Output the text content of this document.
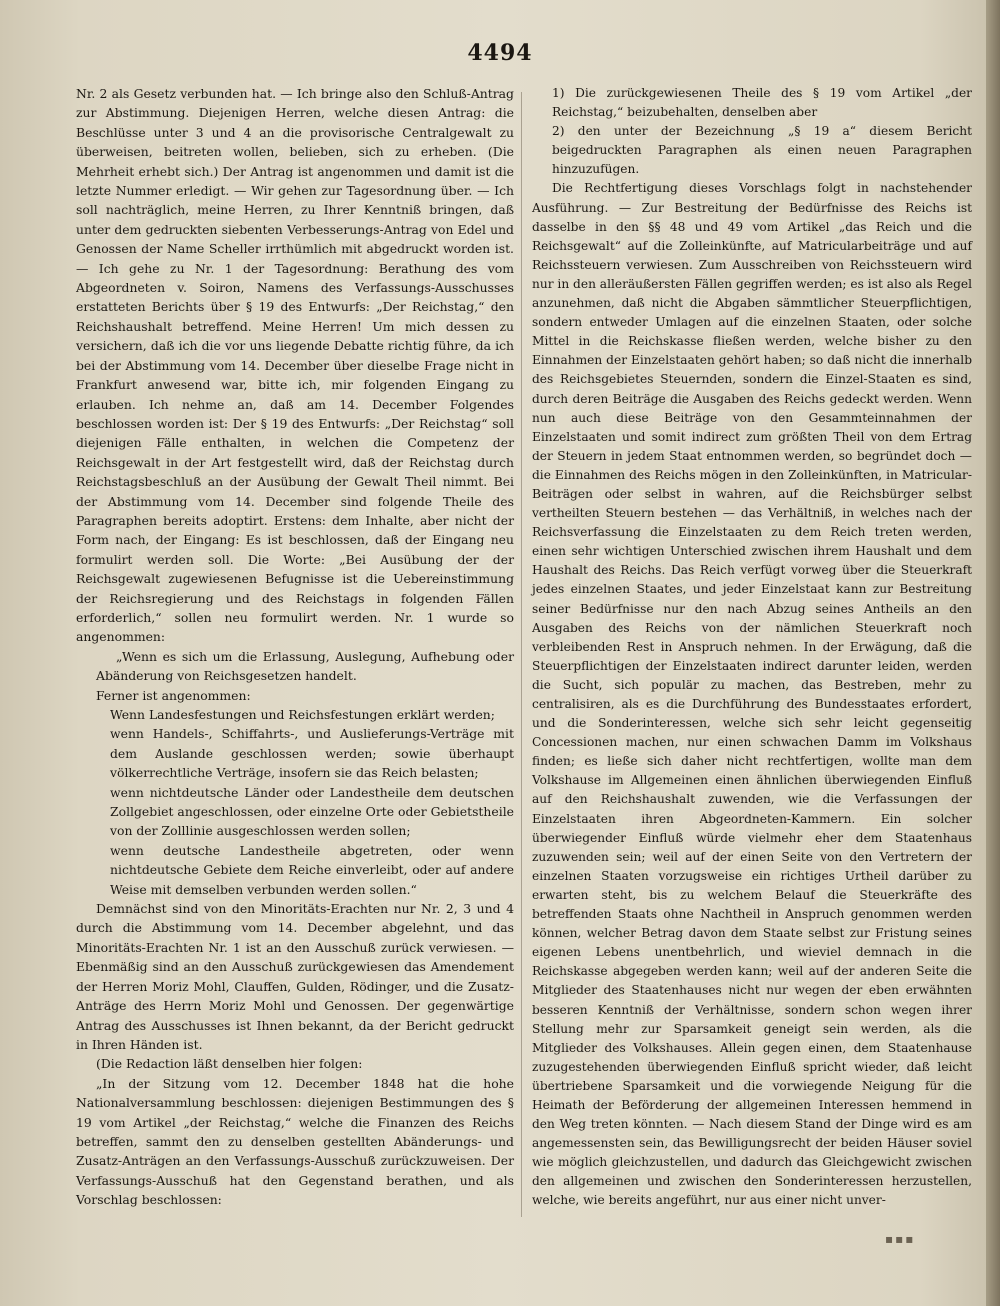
4494

Nr. 2 als Gesetz verbunden hat. — Ich bringe also den Schluß-Antrag zur Abstimmung. Diejenigen Herren, welche diesen Antrag: die Beschlüsse unter 3 und 4 an die provisorische Centralgewalt zu überweisen, beitreten wollen, belieben, sich zu erheben. (Die Mehrheit erhebt sich.) Der Antrag ist angenommen und damit ist die letzte Nummer erledigt. — Wir gehen zur Tagesordnung über. — Ich soll nachträglich, meine Herren, zu Ihrer Kenntniß bringen, daß unter dem gedruckten siebenten Verbesserungs-Antrag von Edel und Genossen der Name Scheller irrthümlich mit abgedruckt worden ist. — Ich gehe zu Nr. 1 der Tagesordnung: Berathung des vom Abgeordneten v. Soiron, Namens des Verfassungs-Ausschusses erstatteten Berichts über § 19 des Entwurfs: „Der Reichstag,“ den Reichshaushalt betreffend. Meine Herren! Um mich dessen zu versichern, daß ich die vor uns liegende Debatte richtig führe, da ich bei der Abstimmung vom 14. December über dieselbe Frage nicht in Frankfurt anwesend war, bitte ich, mir folgenden Eingang zu erlauben. Ich nehme an, daß am 14. December Folgendes beschlossen worden ist: Der § 19 des Entwurfs: „Der Reichstag“ soll diejenigen Fälle enthalten, in welchen die Competenz der Reichsgewalt in der Art festgestellt wird, daß der Reichstag durch Reichstagsbeschluß an der Ausübung der Gewalt Theil nimmt. Bei der Abstimmung vom 14. December sind folgende Theile des Paragraphen bereits adoptirt. Erstens: dem Inhalte, aber nicht der Form nach, der Eingang: Es ist beschlossen, daß der Eingang neu formulirt werden soll. Die Worte: „Bei Ausübung der der Reichsgewalt zugewiesenen Befugnisse ist die Uebereinstimmung der Reichsregierung und des Reichstags in folgenden Fällen erforderlich,“ sollen neu formulirt werden. Nr. 1 wurde so angenommen:

„Wenn es sich um die Erlassung, Auslegung, Aufhebung oder Abänderung von Reichsgesetzen handelt.

Ferner ist angenommen:

Wenn Landesfestungen und Reichsfestungen erklärt werden;

wenn Handels-, Schiffahrts-, und Auslieferungs-Verträge mit dem Auslande geschlossen werden; sowie überhaupt völkerrechtliche Verträge, insofern sie das Reich belasten;

wenn nichtdeutsche Länder oder Landestheile dem deutschen Zollgebiet angeschlossen, oder einzelne Orte oder Gebietstheile von der Zolllinie ausgeschlossen werden sollen;

wenn deutsche Landestheile abgetreten, oder wenn nichtdeutsche Gebiete dem Reiche einverleibt, oder auf andere Weise mit demselben verbunden werden sollen.“

Demnächst sind von den Minoritäts-Erachten nur Nr. 2, 3 und 4 durch die Abstimmung vom 14. December abgelehnt, und das Minoritäts-Erachten Nr. 1 ist an den Ausschuß zurück verwiesen. — Ebenmäßig sind an den Ausschuß zurückgewiesen das Amendement der Herren Moriz Mohl, Clauffen, Gulden, Rödinger, und die Zusatz-Anträge des Herrn Moriz Mohl und Genossen. Der gegenwärtige Antrag des Ausschusses ist Ihnen bekannt, da der Bericht gedruckt in Ihren Händen ist.

(Die Redaction läßt denselben hier folgen:

„In der Sitzung vom 12. December 1848 hat die hohe Nationalversammlung beschlossen: diejenigen Bestimmungen des § 19 vom Artikel „der Reichstag,“ welche die Finanzen des Reichs betreffen, sammt den zu denselben gestellten Abänderungs- und Zusatz-Anträgen an den Verfassungs-Ausschuß zurückzuweisen. Der Verfassungs-Ausschuß hat den Gegenstand berathen, und als Vorschlag beschlossen:

1) Die zurückgewiesenen Theile des § 19 vom Artikel „der Reichstag,“ beizubehalten, denselben aber

2) den unter der Bezeichnung „§ 19 a“ diesem Bericht beigedruckten Paragraphen als einen neuen Paragraphen hinzuzufügen.

Die Rechtfertigung dieses Vorschlags folgt in nachstehender Ausführung. — Zur Bestreitung der Bedürfnisse des Reichs ist dasselbe in den §§ 48 und 49 vom Artikel „das Reich und die Reichsgewalt“ auf die Zolleinkünfte, auf Matricularbeiträge und auf Reichssteuern verwiesen. Zum Ausschreiben von Reichssteuern wird nur in den alleräußersten Fällen gegriffen werden; es ist also als Regel anzunehmen, daß nicht die Abgaben sämmtlicher Steuerpflichtigen, sondern entweder Umlagen auf die einzelnen Staaten, oder solche Mittel in die Reichskasse fließen werden, welche bisher zu den Einnahmen der Einzelstaaten gehört haben; so daß nicht die innerhalb des Reichsgebietes Steuernden, sondern die Einzel-Staaten es sind, durch deren Beiträge die Ausgaben des Reichs gedeckt werden. Wenn nun auch diese Beiträge von den Gesammteinnahmen der Einzelstaaten und somit indirect zum größten Theil von dem Ertrag der Steuern in jedem Staat entnommen werden, so begründet doch — die Einnahmen des Reichs mögen in den Zolleinkünften, in Matricular-Beiträgen oder selbst in wahren, auf die Reichsbürger selbst vertheilten Steuern bestehen — das Verhältniß, in welches nach der Reichsverfassung die Einzelstaaten zu dem Reich treten werden, einen sehr wichtigen Unterschied zwischen ihrem Haushalt und dem Haushalt des Reichs. Das Reich verfügt vorweg über die Steuerkraft jedes einzelnen Staates, und jeder Einzelstaat kann zur Bestreitung seiner Bedürfnisse nur den nach Abzug seines Antheils an den Ausgaben des Reichs von der nämlichen Steuerkraft noch verbleibenden Rest in Anspruch nehmen. In der Erwägung, daß die Steuerpflichtigen der Einzelstaaten indirect darunter leiden, werden die Sucht, sich populär zu machen, das Bestreben, mehr zu centralisiren, als es die Durchführung des Bundesstaates erfordert, und die Sonderinteressen, welche sich sehr leicht gegenseitig Concessionen machen, nur einen schwachen Damm im Volkshaus finden; es ließe sich daher nicht rechtfertigen, wollte man dem Volkshause im Allgemeinen einen ähnlichen überwiegenden Einfluß auf den Reichshaushalt zuwenden, wie die Verfassungen der Einzelstaaten ihren Abgeordneten-Kammern. Ein solcher überwiegender Einfluß würde vielmehr eher dem Staatenhaus zuzuwenden sein; weil auf der einen Seite von den Vertretern der einzelnen Staaten vorzugsweise ein richtiges Urtheil darüber zu erwarten steht, bis zu welchem Belauf die Steuerkräfte des betreffenden Staats ohne Nachtheil in Anspruch genommen werden können, welcher Betrag davon dem Staate selbst zur Fristung seines eigenen Lebens unentbehrlich, und wieviel demnach in die Reichskasse abgegeben werden kann; weil auf der anderen Seite die Mitglieder des Staatenhauses nicht nur wegen der eben erwähnten besseren Kenntniß der Verhältnisse, sondern schon wegen ihrer Stellung mehr zur Sparsamkeit geneigt sein werden, als die Mitglieder des Volkshauses. Allein gegen einen, dem Staatenhause zuzugestehenden überwiegenden Einfluß spricht wieder, daß leicht übertriebene Sparsamkeit und die vorwiegende Neigung für die Heimath der Beförderung der allgemeinen Interessen hemmend in den Weg treten könnten. — Nach diesem Stand der Dinge wird es am angemessensten sein, das Bewilligungsrecht der beiden Häuser soviel wie möglich gleichzustellen, und dadurch das Gleichgewicht zwischen den allgemeinen und zwischen den Sonderinteressen herzustellen, welche, wie bereits angeführt, nur aus einer nicht unver-

▪▪▪
